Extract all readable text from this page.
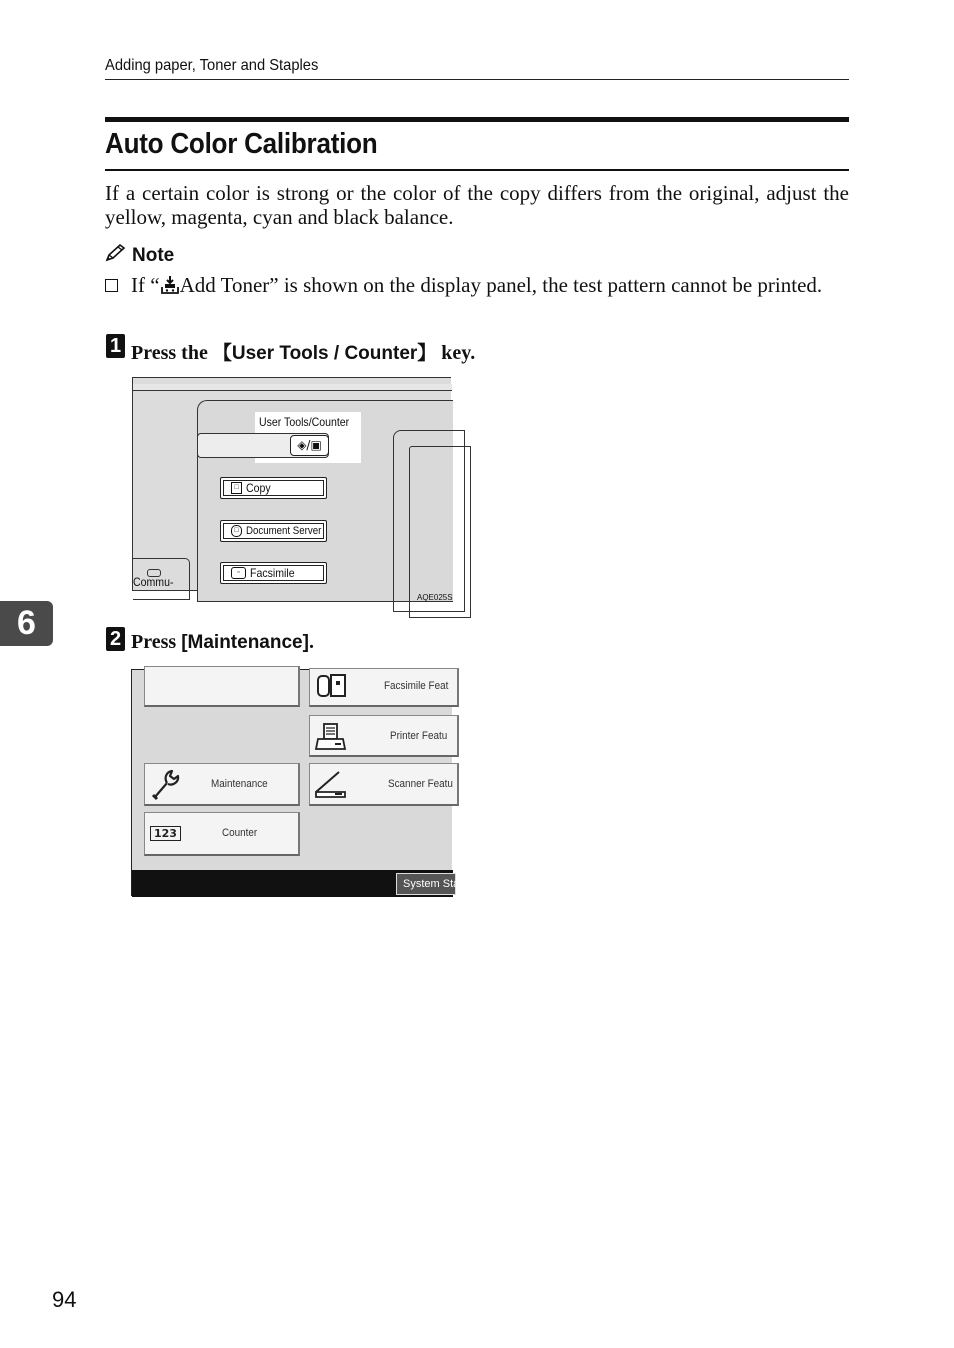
Adding paper, Toner and Staples
Auto Color Calibration
If a certain color is strong or the color of the copy differs from the original, adjust the yellow, magenta, cyan and black balance.
Note
If “ Add Toner” is shown on the display panel, the test pattern cannot be printed.
1 Press the 【User Tools / Counter】 key.
User Tools/Counter
◈/▣
□ Copy
□ Document Server
▫ Facsimile
Commu-
AQE025S
6	2 Press [Maintenance].
Facsimile Feat
Printer Featu
Maintenance	Scanner Featu
123	Counter
System Statu
94
